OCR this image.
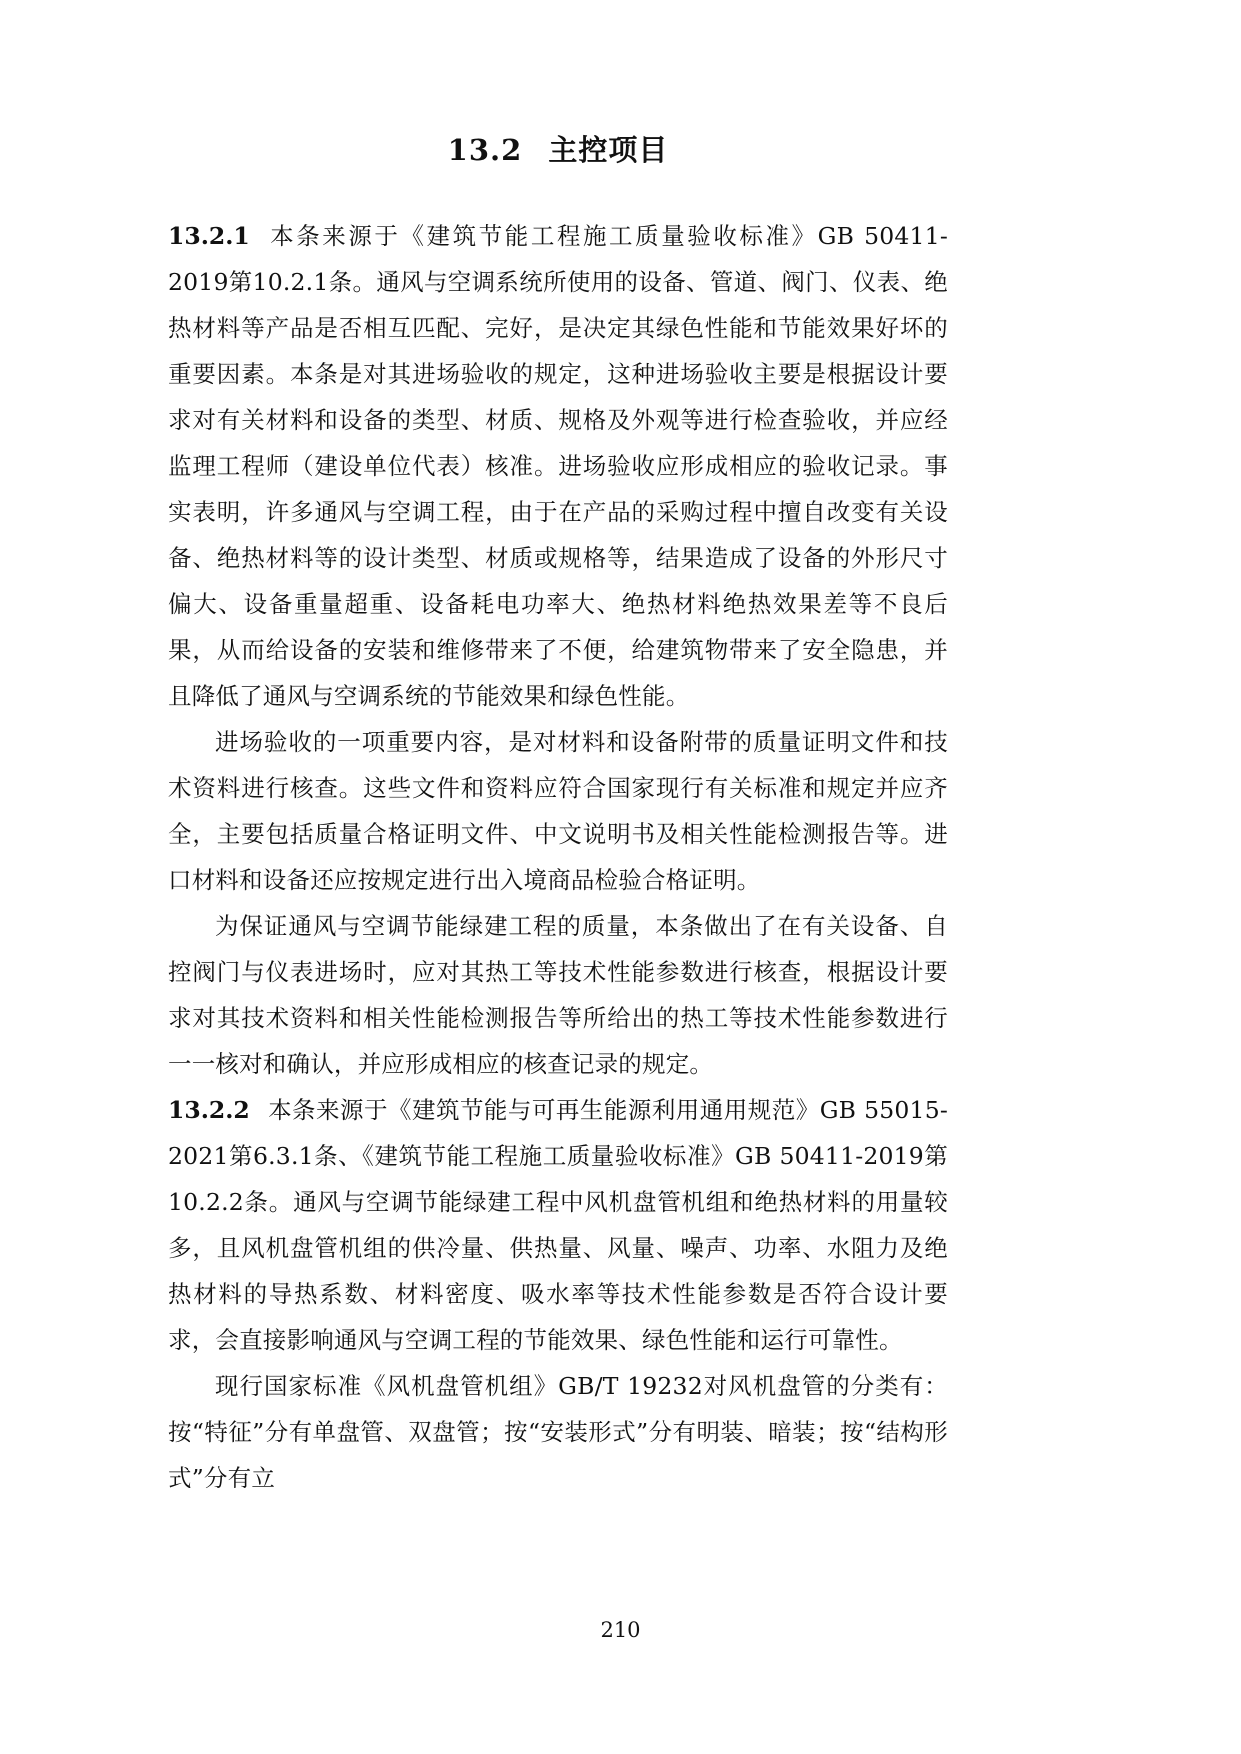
13.2 主控项目

13.2.1 本条来源于《建筑节能工程施工质量验收标准》GB 50411-2019第10.2.1条。通风与空调系统所使用的设备、管道、阀门、仪表、绝热材料等产品是否相互匹配、完好，是决定其绿色性能和节能效果好坏的重要因素。本条是对其进场验收的规定，这种进场验收主要是根据设计要求对有关材料和设备的类型、材质、规格及外观等进行检查验收，并应经监理工程师（建设单位代表）核准。进场验收应形成相应的验收记录。事实表明，许多通风与空调工程，由于在产品的采购过程中擅自改变有关设备、绝热材料等的设计类型、材质或规格等，结果造成了设备的外形尺寸偏大、设备重量超重、设备耗电功率大、绝热材料绝热效果差等不良后果，从而给设备的安装和维修带来了不便，给建筑物带来了安全隐患，并且降低了通风与空调系统的节能效果和绿色性能。

进场验收的一项重要内容，是对材料和设备附带的质量证明文件和技术资料进行核查。这些文件和资料应符合国家现行有关标准和规定并应齐全，主要包括质量合格证明文件、中文说明书及相关性能检测报告等。进口材料和设备还应按规定进行出入境商品检验合格证明。

为保证通风与空调节能绿建工程的质量，本条做出了在有关设备、自控阀门与仪表进场时，应对其热工等技术性能参数进行核查，根据设计要求对其技术资料和相关性能检测报告等所给出的热工等技术性能参数进行一一核对和确认，并应形成相应的核查记录的规定。

13.2.2 本条来源于《建筑节能与可再生能源利用通用规范》GB 55015-2021第6.3.1条、《建筑节能工程施工质量验收标准》GB 50411-2019第10.2.2条。通风与空调节能绿建工程中风机盘管机组和绝热材料的用量较多，且风机盘管机组的供冷量、供热量、风量、噪声、功率、水阻力及绝热材料的导热系数、材料密度、吸水率等技术性能参数是否符合设计要求，会直接影响通风与空调工程的节能效果、绿色性能和运行可靠性。

现行国家标准《风机盘管机组》GB/T 19232对风机盘管的分类有：按“特征”分有单盘管、双盘管；按“安装形式”分有明装、暗装；按“结构形式”分有立

210
